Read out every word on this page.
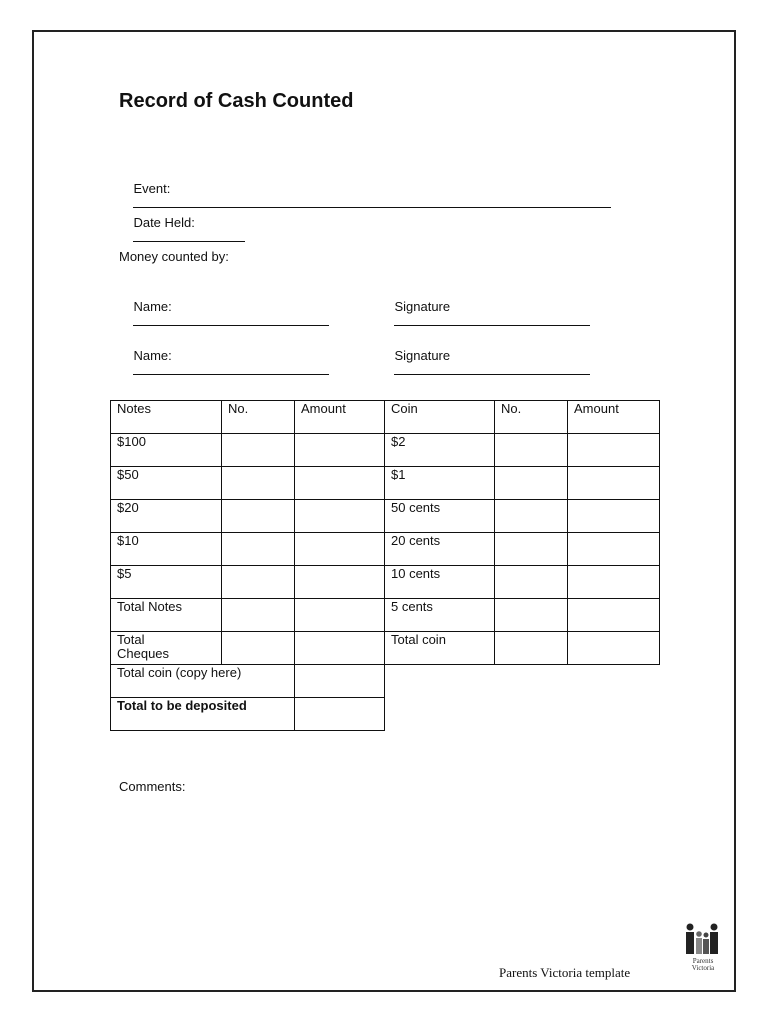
Record of Cash Counted

Event:

Date Held:

Money counted by:

Name:

	Signature

Name:

	Signature

Notes	No.	Amount	Coin	No.	Amount
$100			$2		
$50			$1		
$20			50 cents		
$10			20 cents		
$5			10 cents		
Total Notes			5 cents		
Total Cheques			Total coin		
Total coin (copy here)					
Total to be deposited					
Comments:
Parents Victoria template
Parents
Victoria
